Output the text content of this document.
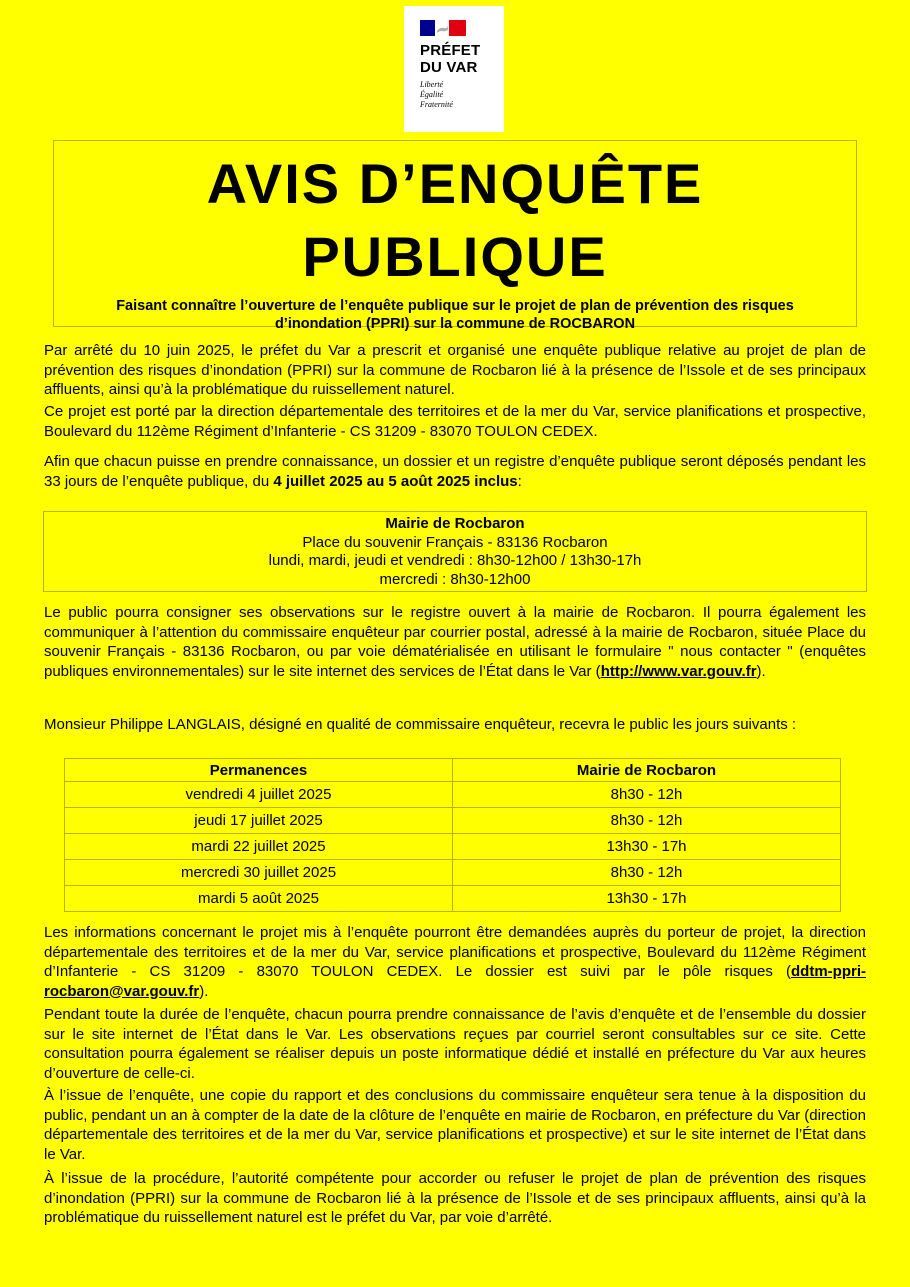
PRÉFET
DU VAR
Liberté
Égalité
Fraternité
AVIS D’ENQUÊTE
PUBLIQUE
Faisant connaître l’ouverture de l’enquête publique sur le projet de plan de prévention des risques d’inondation (PPRI) sur la commune de ROCBARON
Par arrêté du 10 juin 2025, le préfet du Var a prescrit et organisé une enquête publique relative au projet de plan de prévention des risques d’inondation (PPRI) sur la commune de Rocbaron lié à la présence de l’Issole et de ses principaux affluents, ainsi qu’à la problématique du ruissellement naturel.
Ce projet est porté par la direction départementale des territoires et de la mer du Var, service planifications et prospective, Boulevard du 112ème Régiment d’Infanterie - CS 31209 - 83070 TOULON CEDEX.
Afin que chacun puisse en prendre connaissance, un dossier et un registre d’enquête publique seront déposés pendant les 33 jours de l’enquête publique, du 4 juillet 2025 au 5 août 2025 inclus:
Mairie de Rocbaron
Place du souvenir Français - 83136 Rocbaron
lundi, mardi, jeudi et vendredi : 8h30-12h00 / 13h30-17h
mercredi : 8h30-12h00
Le public pourra consigner ses observations sur le registre ouvert à la mairie de Rocbaron. Il pourra également les communiquer à l’attention du commissaire enquêteur par courrier postal, adressé à la mairie de Rocbaron, située Place du souvenir Français - 83136 Rocbaron, ou par voie dématérialisée en utilisant le formulaire " nous contacter " (enquêtes publiques environnementales) sur le site internet des services de l’État dans le Var (http://www.var.gouv.fr).
Monsieur Philippe LANGLAIS, désigné en qualité de commissaire enquêteur, recevra le public les jours suivants :
Permanences	Mairie de Rocbaron
vendredi 4 juillet 2025	8h30 - 12h
jeudi 17 juillet 2025	8h30 - 12h
mardi 22 juillet 2025	13h30 - 17h
mercredi 30 juillet 2025	8h30 - 12h
mardi 5 août 2025	13h30 - 17h
Les informations concernant le projet mis à l’enquête pourront être demandées auprès du porteur de projet, la direction départementale des territoires et de la mer du Var, service planifications et prospective, Boulevard du 112ème Régiment d’Infanterie - CS 31209 - 83070 TOULON CEDEX. Le dossier est suivi par le pôle risques (ddtm-ppri-rocbaron@var.gouv.fr).
Pendant toute la durée de l’enquête, chacun pourra prendre connaissance de l’avis d’enquête et de l’ensemble du dossier sur le site internet de l’État dans le Var. Les observations reçues par courriel seront consultables sur ce site. Cette consultation pourra également se réaliser depuis un poste informatique dédié et installé en préfecture du Var aux heures d’ouverture de celle-ci.
À l’issue de l’enquête, une copie du rapport et des conclusions du commissaire enquêteur sera tenue à la disposition du public, pendant un an à compter de la date de la clôture de l’enquête en mairie de Rocbaron, en préfecture du Var (direction départementale des territoires et de la mer du Var, service planifications et prospective) et sur le site internet de l’État dans le Var.
À l’issue de la procédure, l’autorité compétente pour accorder ou refuser le projet de plan de prévention des risques d’inondation (PPRI) sur la commune de Rocbaron lié à la présence de l’Issole et de ses principaux affluents, ainsi qu’à la problématique du ruissellement naturel est le préfet du Var, par voie d’arrêté.
